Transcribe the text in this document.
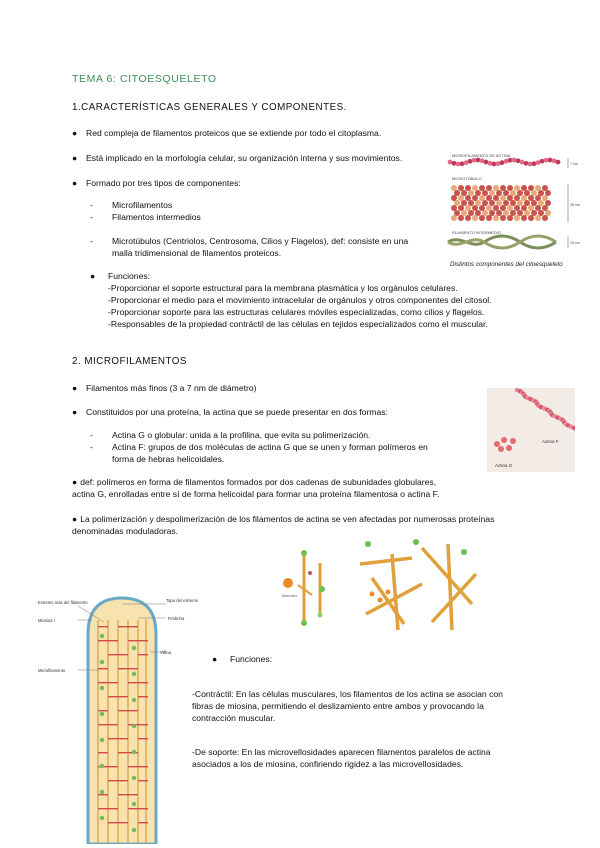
TEMA 6: CITOESQUELETO
1.CARACTERÍSTICAS GENERALES Y COMPONENTES.
● Red compleja de filamentos proteicos que se extiende por todo el citoplasma.
● Está implicado en la morfología celular, su organización interna y sus movimientos.
● Formado por tres tipos de componentes:
- Microfilamentos
- Filamentos intermedios
- Microtúbulos (Centriolos, Centrosoma, Cilios y Flagelos), def: consiste en una
malla tridimensional de filamentos proteicos.
● Funciones:
-Proporcionar el soporte estructural para la membrana plasmática y los orgánulos celulares.
-Proporcionar el medio para el movimiento intracelular de orgánulos y otros componentes del citosol.
-Proporcionar soporte para las estructuras celulares móviles especializadas, como cilios y flagelos.
-Responsables de la propiedad contráctil de las células en tejidos especializados como el muscular.
MICROFILAMENTO DE ACTINA
7 nm
MICROTÚBULO
25 nm
FILAMENTO INTERMEDIO
10 nm
Distintos componentes del citoesqueleto
2. MICROFILAMENTOS
● Filamentos más finos (3 a 7 nm de diámetro)
● Constituidos por una proteína, la actina que se puede presentar en dos formas:
- Actina G o globular: unida a la profilina, que evita su polimerización.
- Actina F: grupos de dos moléculas de actina G que se unen y forman polímeros en
forma de hebras helicoidales.
● def: polímeros en forma de filamentos formados por dos cadenas de subunidades globulares,
actina G, enrolladas entre sí de forma helicoidal para formar una proteína filamentosa o actina F.
● La polimerización y despolimerización de los filamentos de actina se ven afectadas por numerosas proteínas
denominadas moduladoras.
Actina F
Actina G
Monómero
Tapa del extremo
Fimbrina
Extremo más del filamento
Miosina I
Villina
Microfilamento
● Funciones:
-Contráctil: En las células musculares, los filamentos de los actina se asocian con
fibras de miosina, permitiendo el deslizamiento entre ambos y provocando la
contracción muscular.
-De soporte: En las microvellosidades aparecen filamentos paralelos de actina
asociados a los de miosina, confiriendo rigidez a las microvellosidades.
